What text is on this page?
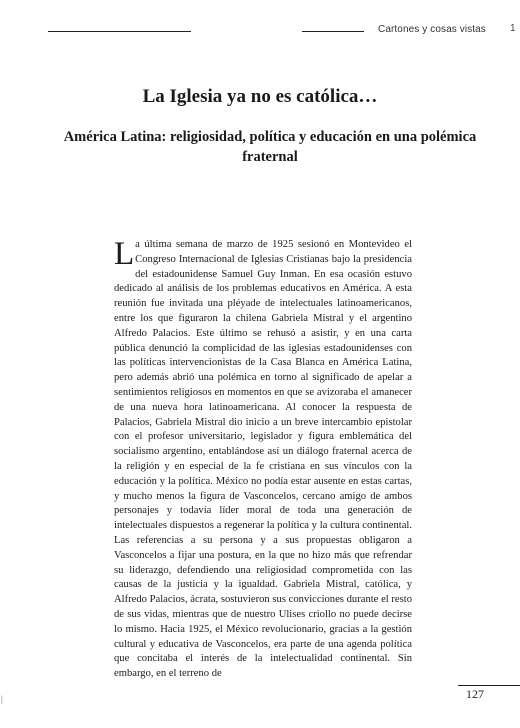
Cartones y cosas vistas 1
La Iglesia ya no es católica…
América Latina: religiosidad, política y educación en una polémica fraternal

La última semana de marzo de 1925 sesionó en Montevideo el Congreso Internacional de Iglesias Cristianas bajo la presidencia del estadounidense Samuel Guy Inman. En esa ocasión estuvo dedicado al análisis de los problemas educativos en América. A esta reunión fue invitada una pléyade de intelectuales latinoamericanos, entre los que figuraron la chilena Gabriela Mistral y el argentino Alfredo Palacios. Este último se rehusó a asistir, y en una carta pública denunció la complicidad de las iglesias estadounidenses con las políticas intervencionistas de la Casa Blanca en América Latina, pero además abrió una polémica en torno al significado de apelar a sentimientos religiosos en momentos en que se avizoraba el amanecer de una nueva hora latinoamericana. Al conocer la respuesta de Palacios, Gabriela Mistral dio inicio a un breve intercambio epistolar con el profesor universitario, legislador y figura emblemática del socialismo argentino, entablándose así un diálogo fraternal acerca de la religión y en especial de la fe cristiana en sus vínculos con la educación y la política. México no podía estar ausente en estas cartas, y mucho menos la figura de Vasconcelos, cercano amigo de ambos personajes y todavía líder moral de toda una generación de intelectuales dispuestos a regenerar la política y la cultura continental. Las referencias a su persona y a sus propuestas obligaron a Vasconcelos a fijar una postura, en la que no hizo más que refrendar su liderazgo, defendiendo una religiosidad comprometida con las causas de la justicia y la igualdad. Gabriela Mistral, católica, y Alfredo Palacios, ácrata, sostuvieron sus convicciones durante el resto de sus vidas, mientras que de nuestro Ulises criollo no puede decirse lo mismo. Hacia 1925, el México revolucionario, gracias a la gestión cultural y educativa de Vasconcelos, era parte de una agenda política que concitaba el interés de la intelectualidad continental. Sin embargo, en el terreno de

127
|
